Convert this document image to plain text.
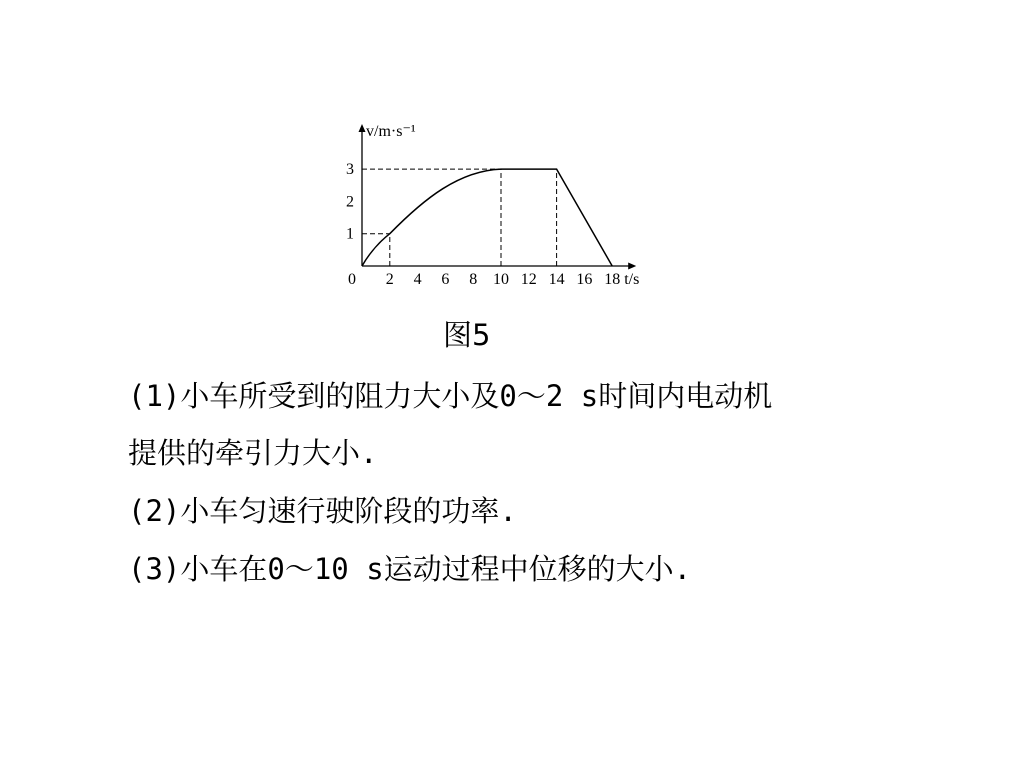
0 2 4 6 8 10 12 14 16 18
1
2
3
v/m·s⁻¹
t/s
图5
(1)小车所受到的阻力大小及0～2 s时间内电动机
提供的牵引力大小.
(2)小车匀速行驶阶段的功率.
(3)小车在0～10 s运动过程中位移的大小.
